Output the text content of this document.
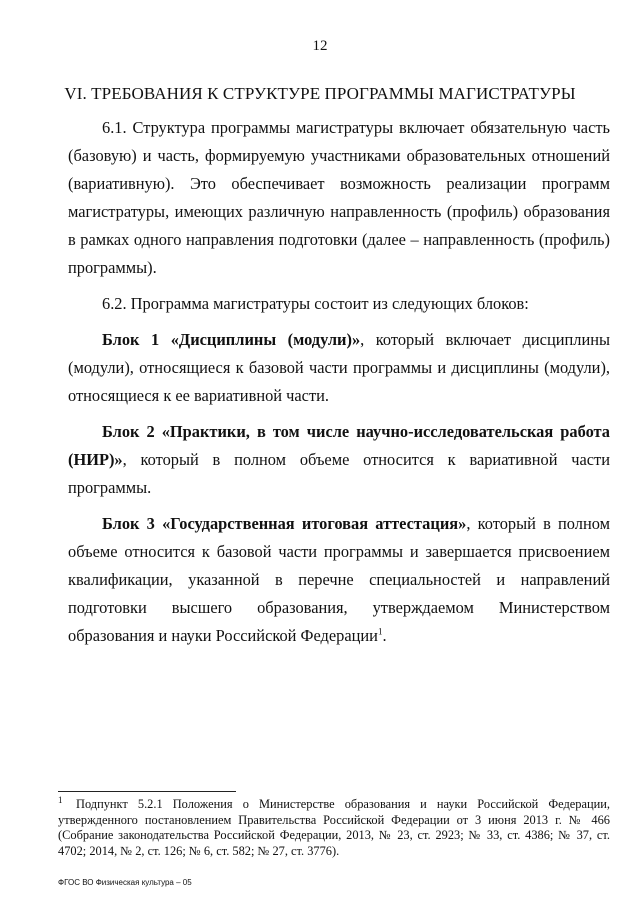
12
VI. ТРЕБОВАНИЯ К СТРУКТУРЕ ПРОГРАММЫ МАГИСТРАТУРЫ

6.1. Структура программы магистратуры включает обязательную часть (базовую) и часть, формируемую участниками образовательных отношений (вариативную). Это обеспечивает возможность реализации программ магистратуры, имеющих различную направленность (профиль) образования в рамках одного направления подготовки (далее – направленность (профиль) программы).

6.2. Программа магистратуры состоит из следующих блоков:

Блок 1 «Дисциплины (модули)», который включает дисциплины (модули), относящиеся к базовой части программы и дисциплины (модули), относящиеся к ее вариативной части.

Блок 2 «Практики, в том числе научно-исследовательская работа (НИР)», который в полном объеме относится к вариативной части программы.

Блок 3 «Государственная итоговая аттестация», который в полном объеме относится к базовой части программы и завершается присвоением квалификации, указанной в перечне специальностей и направлений подготовки высшего образования, утверждаемом Министерством образования и науки Российской Федерации$^1$.

1 Подпункт 5.2.1 Положения о Министерстве образования и науки Российской Федерации, утвержденного постановлением Правительства Российской Федерации от 3 июня 2013 г. № 466 (Собрание законодательства Российской Федерации, 2013, № 23, ст. 2923; № 33, ст. 4386; № 37, ст. 4702; 2014, № 2, ст. 126; № 6, ст. 582; № 27, ст. 3776).
ФГОС ВО Физическая культура – 05
